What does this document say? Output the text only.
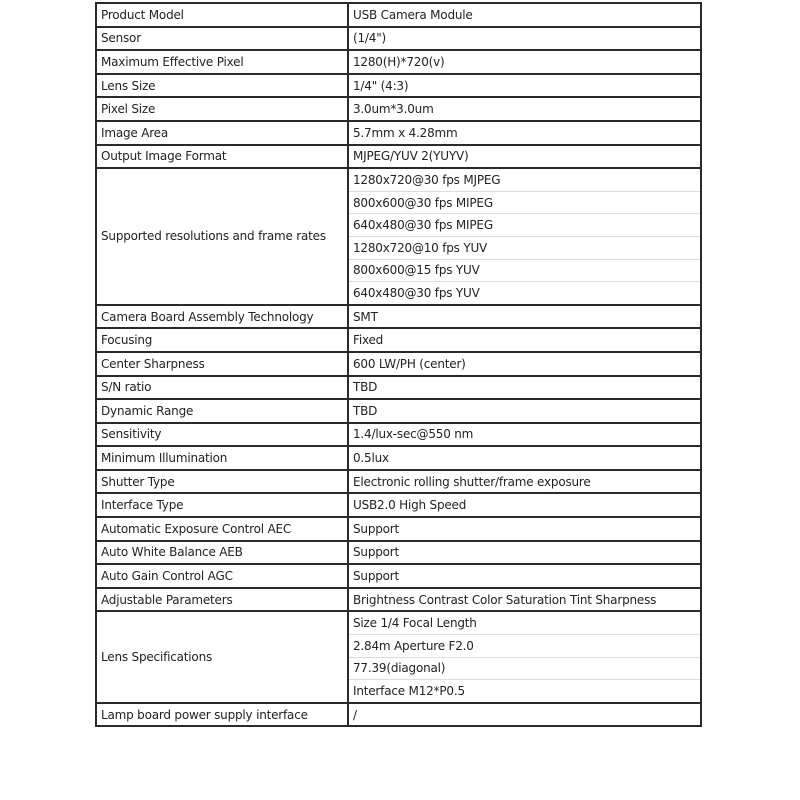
Product Model	USB Camera Module
Sensor	(1/4")
Maximum Effective Pixel	1280(H)*720(v)
Lens Size	1/4" (4:3)
Pixel Size	3.0um*3.0um
Image Area	5.7mm x 4.28mm
Output Image Format	MJPEG/YUV 2(YUYV)
Supported resolutions and frame rates	1280x720@30 fps MJPEG
	800x600@30 fps MIPEG
	640x480@30 fps MIPEG
	1280x720@10 fps YUV
	800x600@15 fps YUV
	640x480@30 fps YUV
Camera Board Assembly Technology	SMT
Focusing	Fixed
Center Sharpness	600 LW/PH (center)
S/N ratio	TBD
Dynamic Range	TBD
Sensitivity	1.4/lux-sec@550 nm
Minimum Illumination	0.5lux
Shutter Type	Electronic rolling shutter/frame exposure
Interface Type	USB2.0 High Speed
Automatic Exposure Control AEC	Support
Auto White Balance AEB	Support
Auto Gain Control AGC	Support
Adjustable Parameters	Brightness Contrast Color Saturation Tint Sharpness
Lens Specifications	Size 1/4 Focal Length
	2.84m Aperture F2.0
	77.39(diagonal)
	Interface M12*P0.5
Lamp board power supply interface	/
